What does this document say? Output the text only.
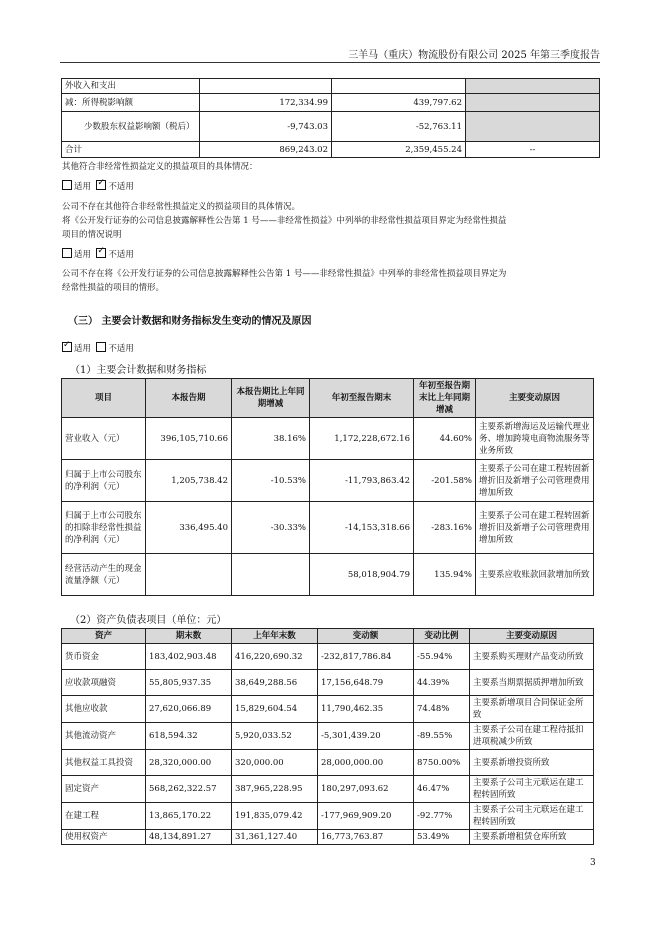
三羊马（重庆）物流股份有限公司 2025 年第三季度报告
外收入和支出			
减：所得税影响额	172,334.99	439,797.62	
少数股东权益影响额（税后）	-9,743.03	-52,763.11	
合计	869,243.02	2,359,455.24	--
其他符合非经常性损益定义的损益项目的具体情况：
适用 ✓ 不适用
公司不存在其他符合非经常性损益定义的损益项目的具体情况。
将《公开发行证券的公司信息披露解释性公告第 1 号——非经常性损益》中列举的非经常性损益项目界定为经常性损益
项目的情况说明
适用 ✓ 不适用
公司不存在将《公开发行证券的公司信息披露解释性公告第 1 号——非经常性损益》中列举的非经常性损益项目界定为
经常性损益的项目的情形。
（三） 主要会计数据和财务指标发生变动的情况及原因
✓适用 不适用
（1）主要会计数据和财务指标
项目	本报告期	本报告期比上年同期增减	年初至报告期末	年初至报告期末比上年同期增减	主要变动原因
营业收入（元）	396,105,710.66	38.16%	1,172,228,672.16	44.60%	主要系新增海运及运输代理业务、增加跨境电商物流服务等业务所致
归属于上市公司股东的净利润（元）	1,205,738.42	-10.53%	-11,793,863.42	-201.58%	主要系子公司在建工程转固新增折旧及新增子公司管理费用增加所致
归属于上市公司股东的扣除非经常性损益的净利润（元）	336,495.40	-30.33%	-14,153,318.66	-283.16%	主要系子公司在建工程转固新增折旧及新增子公司管理费用增加所致
经营活动产生的现金流量净额（元）			58,018,904.79	135.94%	主要系应收账款回款增加所致
（2）资产负债表项目（单位：元）
资产	期末数	上年年末数	变动额	变动比例	主要变动原因
货币资金	183,402,903.48	416,220,690.32	-232,817,786.84	-55.94%	主要系购买理财产品变动所致
应收款项融资	55,805,937.35	38,649,288.56	17,156,648.79	44.39%	主要系当期票据质押增加所致
其他应收款	27,620,066.89	15,829,604.54	11,790,462.35	74.48%	主要系新增项目合同保证金所致
其他流动资产	618,594.32	5,920,033.52	-5,301,439.20	-89.55%	主要系子公司在建工程待抵扣进项税减少所致
其他权益工具投资	28,320,000.00	320,000.00	28,000,000.00	8750.00%	主要系新增投资所致
固定资产	568,262,322.57	387,965,228.95	180,297,093.62	46.47%	主要系子公司主元联运在建工程转固所致
在建工程	13,865,170.22	191,835,079.42	-177,969,909.20	-92.77%	主要系子公司主元联运在建工程转固所致
使用权资产	48,134,891.27	31,361,127.40	16,773,763.87	53.49%	主要系新增租赁仓库所致
3
